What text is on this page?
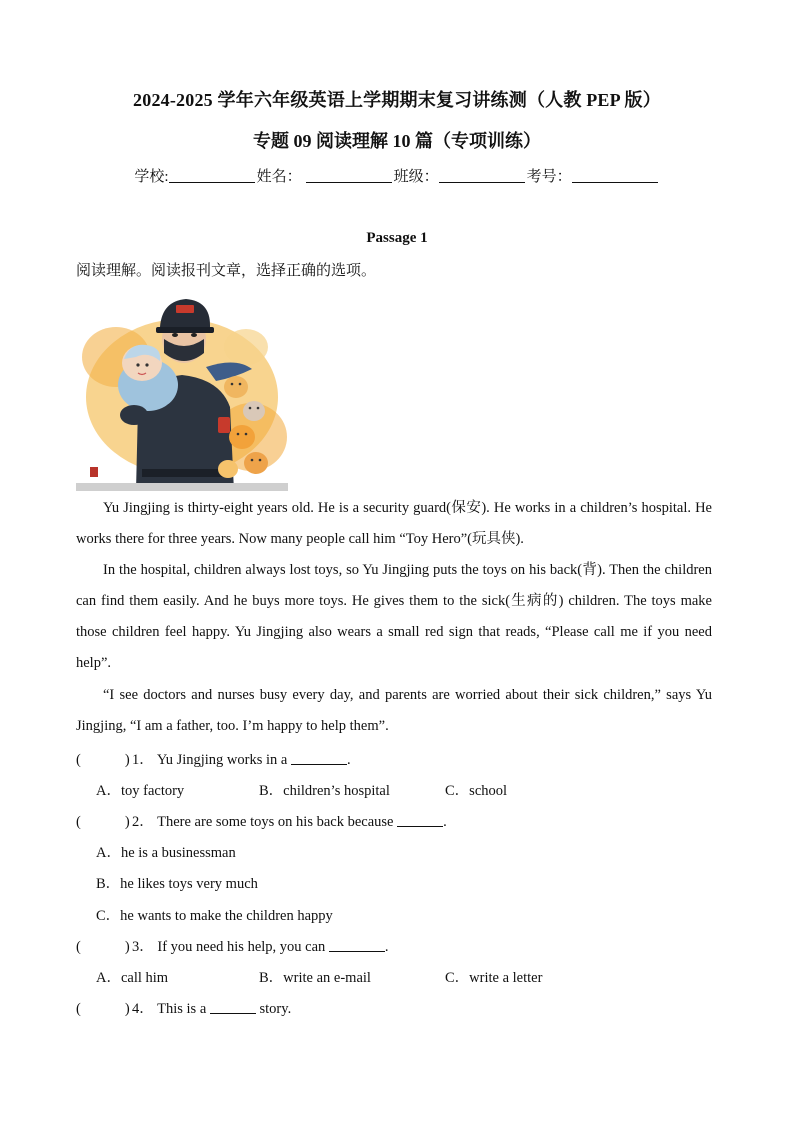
2024-2025 学年六年级英语上学期期末复习讲练测（人教 PEP 版）
专题 09 阅读理解 10 篇（专项训练）
学校:	姓名：	班级：	考号：
Passage 1
阅读理解。阅读报刊文章，选择正确的选项。
Yu Jingjing is thirty-eight years old. He is a security guard(保安). He works in a children’s hospital. He works there for three years. Now many people call him “Toy Hero”(玩具侠).
In the hospital, children always lost toys, so Yu Jingjing puts the toys on his back(背). Then the children can find them easily. And he buys more toys. He gives them to the sick(生病的) children. The toys make those children feel happy. Yu Jingjing also wears a small red sign that reads, “Please call me if you need help”.
“I see doctors and nurses busy every day, and parents are worried about their sick children,” says Yu Jingjing, “I am a father, too. I’m happy to help them”.
(	) 1． Yu Jingjing works in a	.
A．toy factory	B．children’s hospital	C．school
(	) 2． There are some toys on his back because	.
A．he is a businessman
B．he likes toys very much
C．he wants to make the children happy
(	) 3． If you need his help, you can	.
A．call him	B．write an e-mail	C．write a letter
(	) 4． This is a	story.
